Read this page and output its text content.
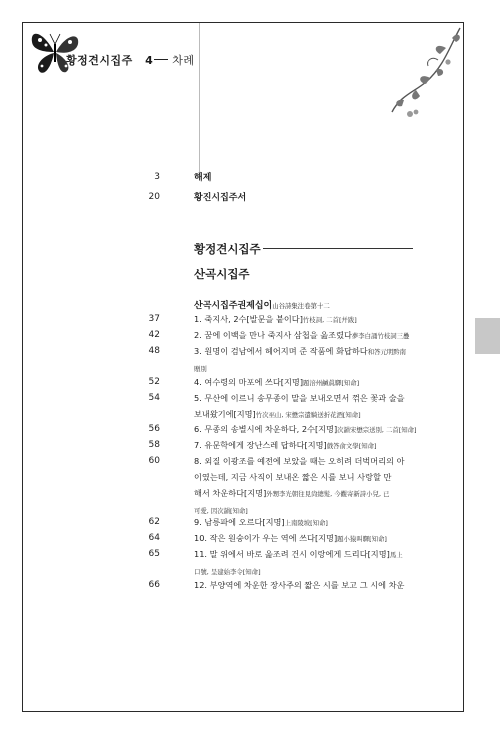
황정견시집주 4 차례
3	해제
20	황진시집주서
황정견시집주
산곡시집주
산곡시집주권제십이山谷詩集注卷第十二
37	1. 죽지사, 2수[발문을 붙이다]竹枝詞, 二首[幷跋]
42	2. 꿈에 이백을 만나 죽지사 삼첩을 읊조렸다夢李白誦竹枝詞三疊
48	3. 원명이 검남에서 헤어지며 준 작품에 화답하다和答元明黔南
贈別
52	4. 여수령의 마포에 쓰다[지명]題涪州鹹眞驛[知命]
54	5. 무산에 이르니 송무종이 말을 보내오면서 꺾은 꽃과 술을
보내왔기에[지명]竹次巫山, 宋懋宗遣騎送折花酒[知命]
56	6. 무종의 송별시에 차운하다, 2수[지명]次韻宋懋宗送別, 二首[知命]
58	7. 유문학에게 장난스레 답하다[지명]戲答俞文學[知命]
60	8. 외질 이광조를 예전에 보았을 때는 오히려 더벅머리의 아
이였는데, 지금 사직이 보내온 짧은 시를 보니 사랑할 만
해서 차운하다[지명]外甥李光朝往見尙總髮, 今觀寄新詩小兒, 已
可愛, 因次韻[知命]
62	9. 남릉파에 오르다[지명]上南陵坡[知命]
64	10. 작은 원숭이가 우는 역에 쓰다[지명]題小猿叫驛[知命]
65	11. 말 위에서 바로 읊조려 건시 이랑에게 드리다[지명]馬上
口號, 呈建始李令[知命]
66	12. 부양역에 차운한 장사주의 짧은 시를 보고 그 시에 차운
